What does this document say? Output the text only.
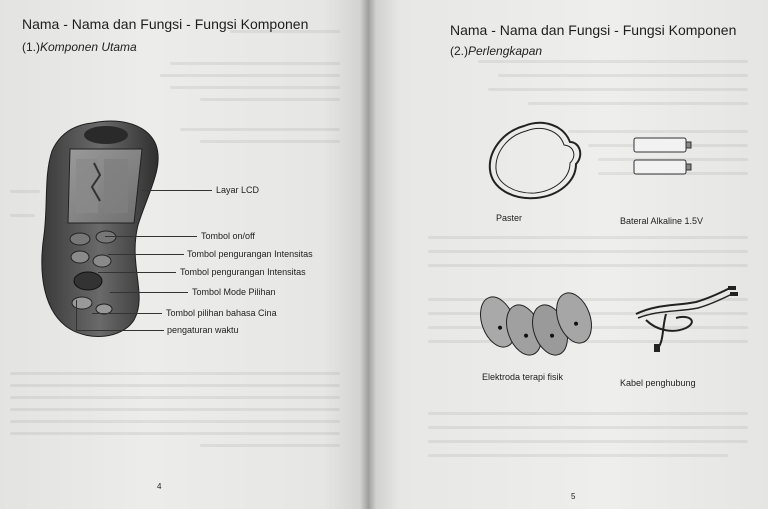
Nama - Nama dan Fungsi - Fungsi Komponen
(1.)Komponen Utama
Layar LCD
Tombol on/off
Tombol pengurangan Intensitas
Tombol pengurangan Intensitas
Tombol Mode Pilihan
Tombol pilihan bahasa Cina
pengaturan waktu
4
Nama - Nama dan Fungsi - Fungsi Komponen
(2.)Perlengkapan
Paster	Bateral Alkaline 1.5V
Elektroda terapi fisik
Kabel penghubung
5
